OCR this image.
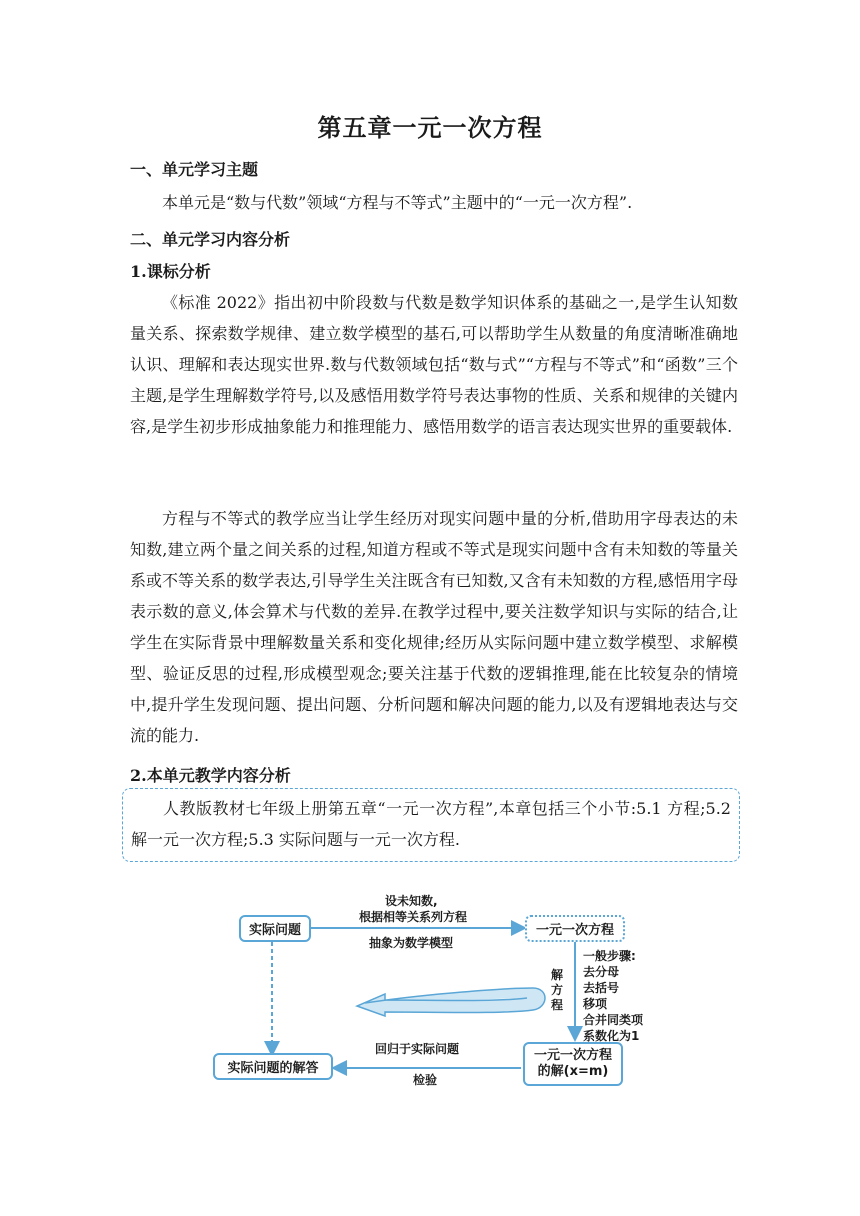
第五章一元一次方程
一、单元学习主题

本单元是“数与代数”领域“方程与不等式”主题中的“一元一次方程”.

二、单元学习内容分析
1.课标分析

《标准 2022》指出初中阶段数与代数是数学知识体系的基础之一,是学生认知数量关系、探索数学规律、建立数学模型的基石,可以帮助学生从数量的角度清晰准确地认识、理解和表达现实世界.数与代数领域包括“数与式”“方程与不等式”和“函数”三个主题,是学生理解数学符号,以及感悟用数学符号表达事物的性质、关系和规律的关键内容,是学生初步形成抽象能力和推理能力、感悟用数学的语言表达现实世界的重要载体.

方程与不等式的教学应当让学生经历对现实问题中量的分析,借助用字母表达的未知数,建立两个量之间关系的过程,知道方程或不等式是现实问题中含有未知数的等量关系或不等关系的数学表达,引导学生关注既含有已知数,又含有未知数的方程,感悟用字母表示数的意义,体会算术与代数的差异.在教学过程中,要关注数学知识与实际的结合,让学生在实际背景中理解数量关系和变化规律;经历从实际问题中建立数学模型、求解模型、验证反思的过程,形成模型观念;要关注基于代数的逻辑推理,能在比较复杂的情境中,提升学生发现问题、提出问题、分析问题和解决问题的能力,以及有逻辑地表达与交流的能力.

2.本单元教学内容分析

人教版教材七年级上册第五章“一元一次方程”,本章包括三个小节:5.1 方程;5.2 解一元一次方程;5.3 实际问题与一元一次方程.

实际问题	一元一次方程
一元一次方程
的解(x=m)
实际问题的解答
设未知数,
根据相等关系列方程
抽象为数学模型
解
方
程
一般步骤:
去分母
去括号
移项
合并同类项
系数化为1
回归于实际问题
检验
